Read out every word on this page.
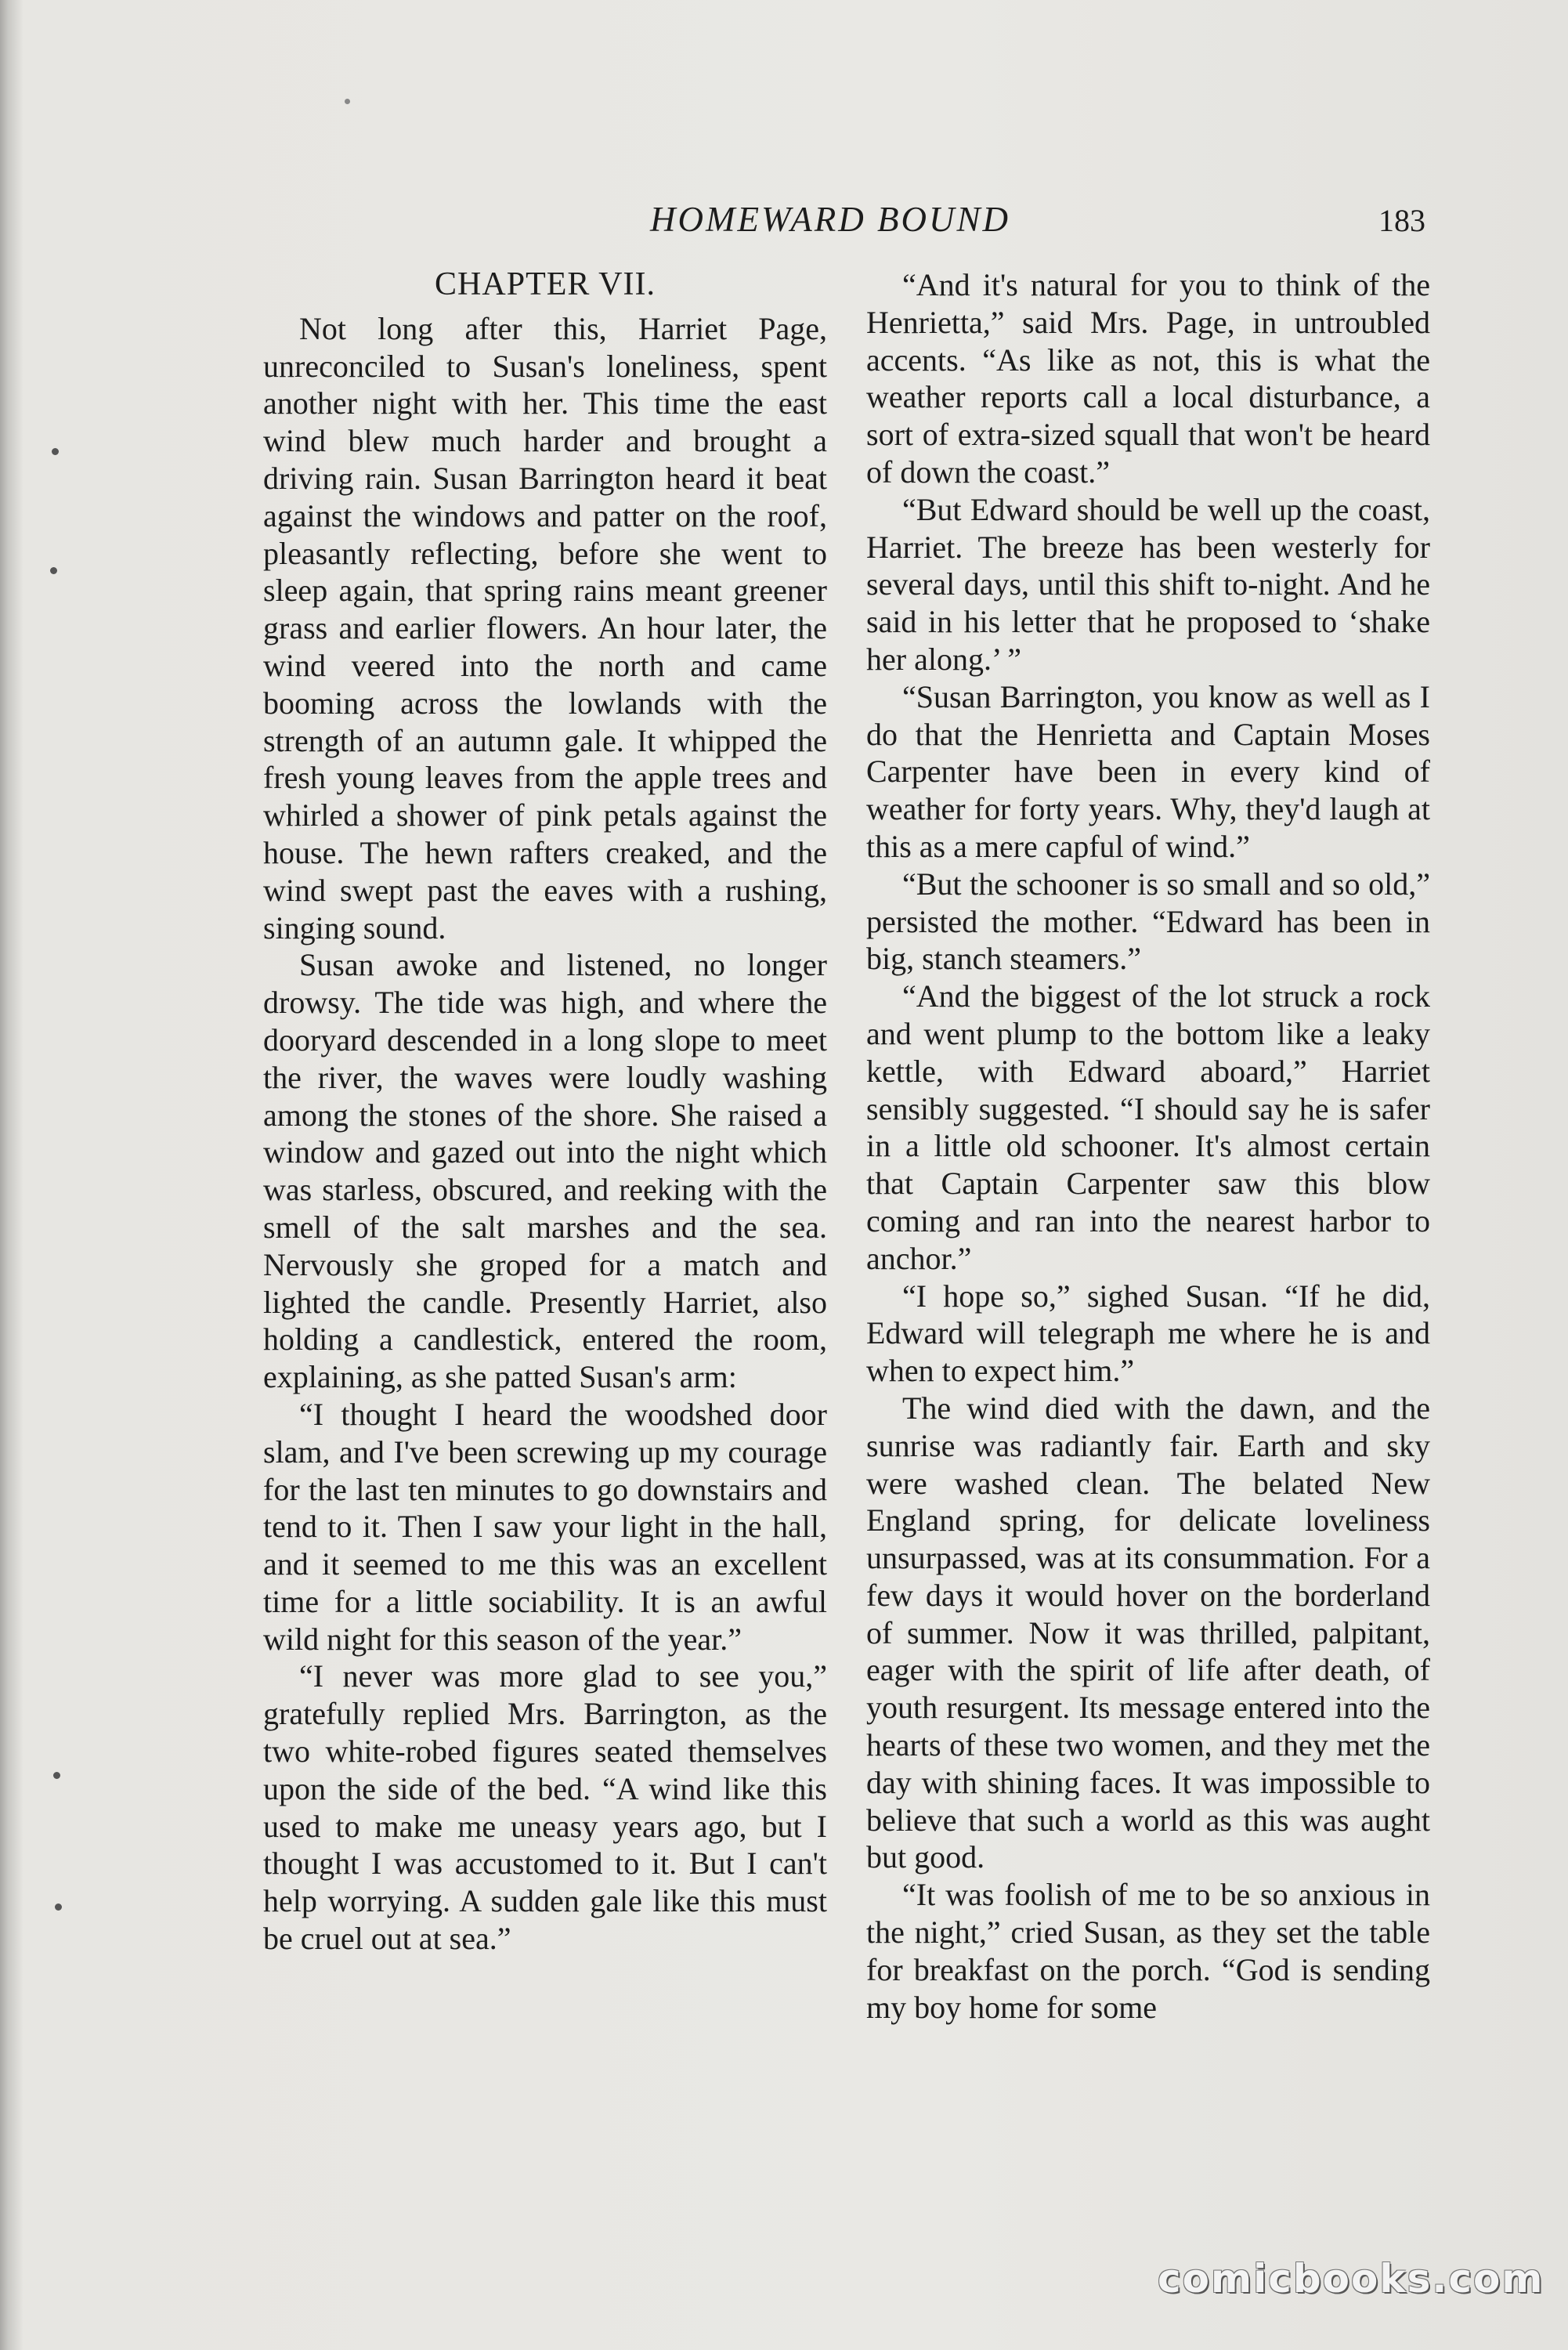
HOMEWARD BOUND	183
CHAPTER VII.

Not long after this, Harriet Page, unreconciled to Susan's loneliness, spent another night with her. This time the east wind blew much harder and brought a driving rain. Susan Barrington heard it beat against the windows and patter on the roof, pleasantly reflecting, before she went to sleep again, that spring rains meant greener grass and earlier flowers. An hour later, the wind veered into the north and came booming across the lowlands with the strength of an autumn gale. It whipped the fresh young leaves from the apple trees and whirled a shower of pink petals against the house. The hewn rafters creaked, and the wind swept past the eaves with a rushing, singing sound.

Susan awoke and listened, no longer drowsy. The tide was high, and where the dooryard descended in a long slope to meet the river, the waves were loudly washing among the stones of the shore. She raised a window and gazed out into the night which was starless, obscured, and reeking with the smell of the salt marshes and the sea. Nervously she groped for a match and lighted the candle. Presently Harriet, also holding a candlestick, entered the room, explaining, as she patted Susan's arm:

“I thought I heard the woodshed door slam, and I've been screwing up my courage for the last ten minutes to go downstairs and tend to it. Then I saw your light in the hall, and it seemed to me this was an excellent time for a little sociability. It is an awful wild night for this season of the year.”

“I never was more glad to see you,” gratefully replied Mrs. Barrington, as the two white-robed figures seated themselves upon the side of the bed. “A wind like this used to make me uneasy years ago, but I thought I was accustomed to it. But I can't help worrying. A sudden gale like this must be cruel out at sea.”

“And it's natural for you to think of the Henrietta,” said Mrs. Page, in untroubled accents. “As like as not, this is what the weather reports call a local disturbance, a sort of extra-sized squall that won't be heard of down the coast.”

“But Edward should be well up the coast, Harriet. The breeze has been westerly for several days, until this shift to-night. And he said in his letter that he proposed to ‘shake her along.’ ”

“Susan Barrington, you know as well as I do that the Henrietta and Captain Moses Carpenter have been in every kind of weather for forty years. Why, they'd laugh at this as a mere capful of wind.”

“But the schooner is so small and so old,” persisted the mother. “Edward has been in big, stanch steamers.”

“And the biggest of the lot struck a rock and went plump to the bottom like a leaky kettle, with Edward aboard,” Harriet sensibly suggested. “I should say he is safer in a little old schooner. It's almost certain that Captain Carpenter saw this blow coming and ran into the nearest harbor to anchor.”

“I hope so,” sighed Susan. “If he did, Edward will telegraph me where he is and when to expect him.”

The wind died with the dawn, and the sunrise was radiantly fair. Earth and sky were washed clean. The belated New England spring, for delicate loveliness unsurpassed, was at its consummation. For a few days it would hover on the borderland of summer. Now it was thrilled, palpitant, eager with the spirit of life after death, of youth resurgent. Its message entered into the hearts of these two women, and they met the day with shining faces. It was impossible to believe that such a world as this was aught but good.

“It was foolish of me to be so anxious in the night,” cried Susan, as they set the table for breakfast on the porch. “God is sending my boy home for some

comicbooks.com
